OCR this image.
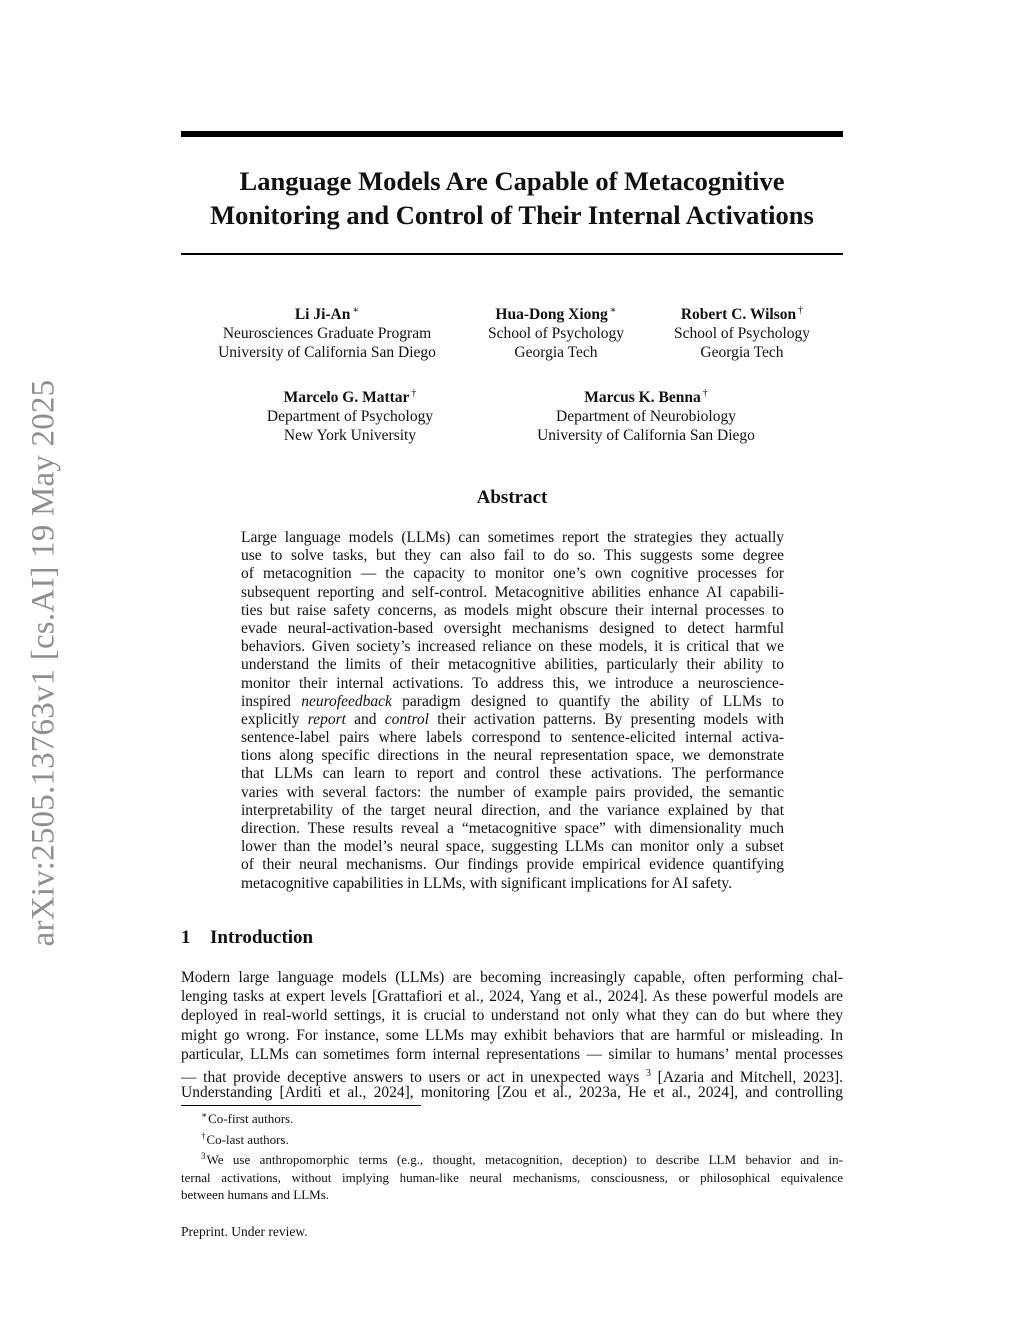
arXiv:2505.13763v1 [cs.AI] 19 May 2025
Language Models Are Capable of Metacognitive
Monitoring and Control of Their Internal Activations
Li Ji-An ∗
Neurosciences Graduate Program
University of California San Diego
Hua-Dong Xiong ∗
School of Psychology
Georgia Tech
Robert C. Wilson †
School of Psychology
Georgia Tech
Marcelo G. Mattar †
Department of Psychology
New York University
Marcus K. Benna †
Department of Neurobiology
University of California San Diego
Abstract
Large language models (LLMs) can sometimes report the strategies they actually
use to solve tasks, but they can also fail to do so. This suggests some degree
of metacognition — the capacity to monitor one’s own cognitive processes for
subsequent reporting and self-control. Metacognitive abilities enhance AI capabili-
ties but raise safety concerns, as models might obscure their internal processes to
evade neural-activation-based oversight mechanisms designed to detect harmful
behaviors. Given society’s increased reliance on these models, it is critical that we
understand the limits of their metacognitive abilities, particularly their ability to
monitor their internal activations. To address this, we introduce a neuroscience-
inspired neurofeedback paradigm designed to quantify the ability of LLMs to
explicitly report and control their activation patterns. By presenting models with
sentence-label pairs where labels correspond to sentence-elicited internal activa-
tions along specific directions in the neural representation space, we demonstrate
that LLMs can learn to report and control these activations. The performance
varies with several factors: the number of example pairs provided, the semantic
interpretability of the target neural direction, and the variance explained by that
direction. These results reveal a “metacognitive space” with dimensionality much
lower than the model’s neural space, suggesting LLMs can monitor only a subset
of their neural mechanisms. Our findings provide empirical evidence quantifying
metacognitive capabilities in LLMs, with significant implications for AI safety.
1 Introduction
Modern large language models (LLMs) are becoming increasingly capable, often performing chal-
lenging tasks at expert levels [Grattafiori et al., 2024, Yang et al., 2024]. As these powerful models are
deployed in real-world settings, it is crucial to understand not only what they can do but where they
might go wrong. For instance, some LLMs may exhibit behaviors that are harmful or misleading. In
particular, LLMs can sometimes form internal representations — similar to humans’ mental processes
— that provide deceptive answers to users or act in unexpected ways $^3$ [Azaria and Mitchell, 2023].
Understanding [Arditi et al., 2024], monitoring [Zou et al., 2023a, He et al., 2024], and controlling
∗Co-first authors.
†Co-last authors.
$^3$We use anthropomorphic terms (e.g., thought, metacognition, deception) to describe LLM behavior and in-
ternal activations, without implying human-like neural mechanisms, consciousness, or philosophical equivalence
between humans and LLMs.
Preprint. Under review.
